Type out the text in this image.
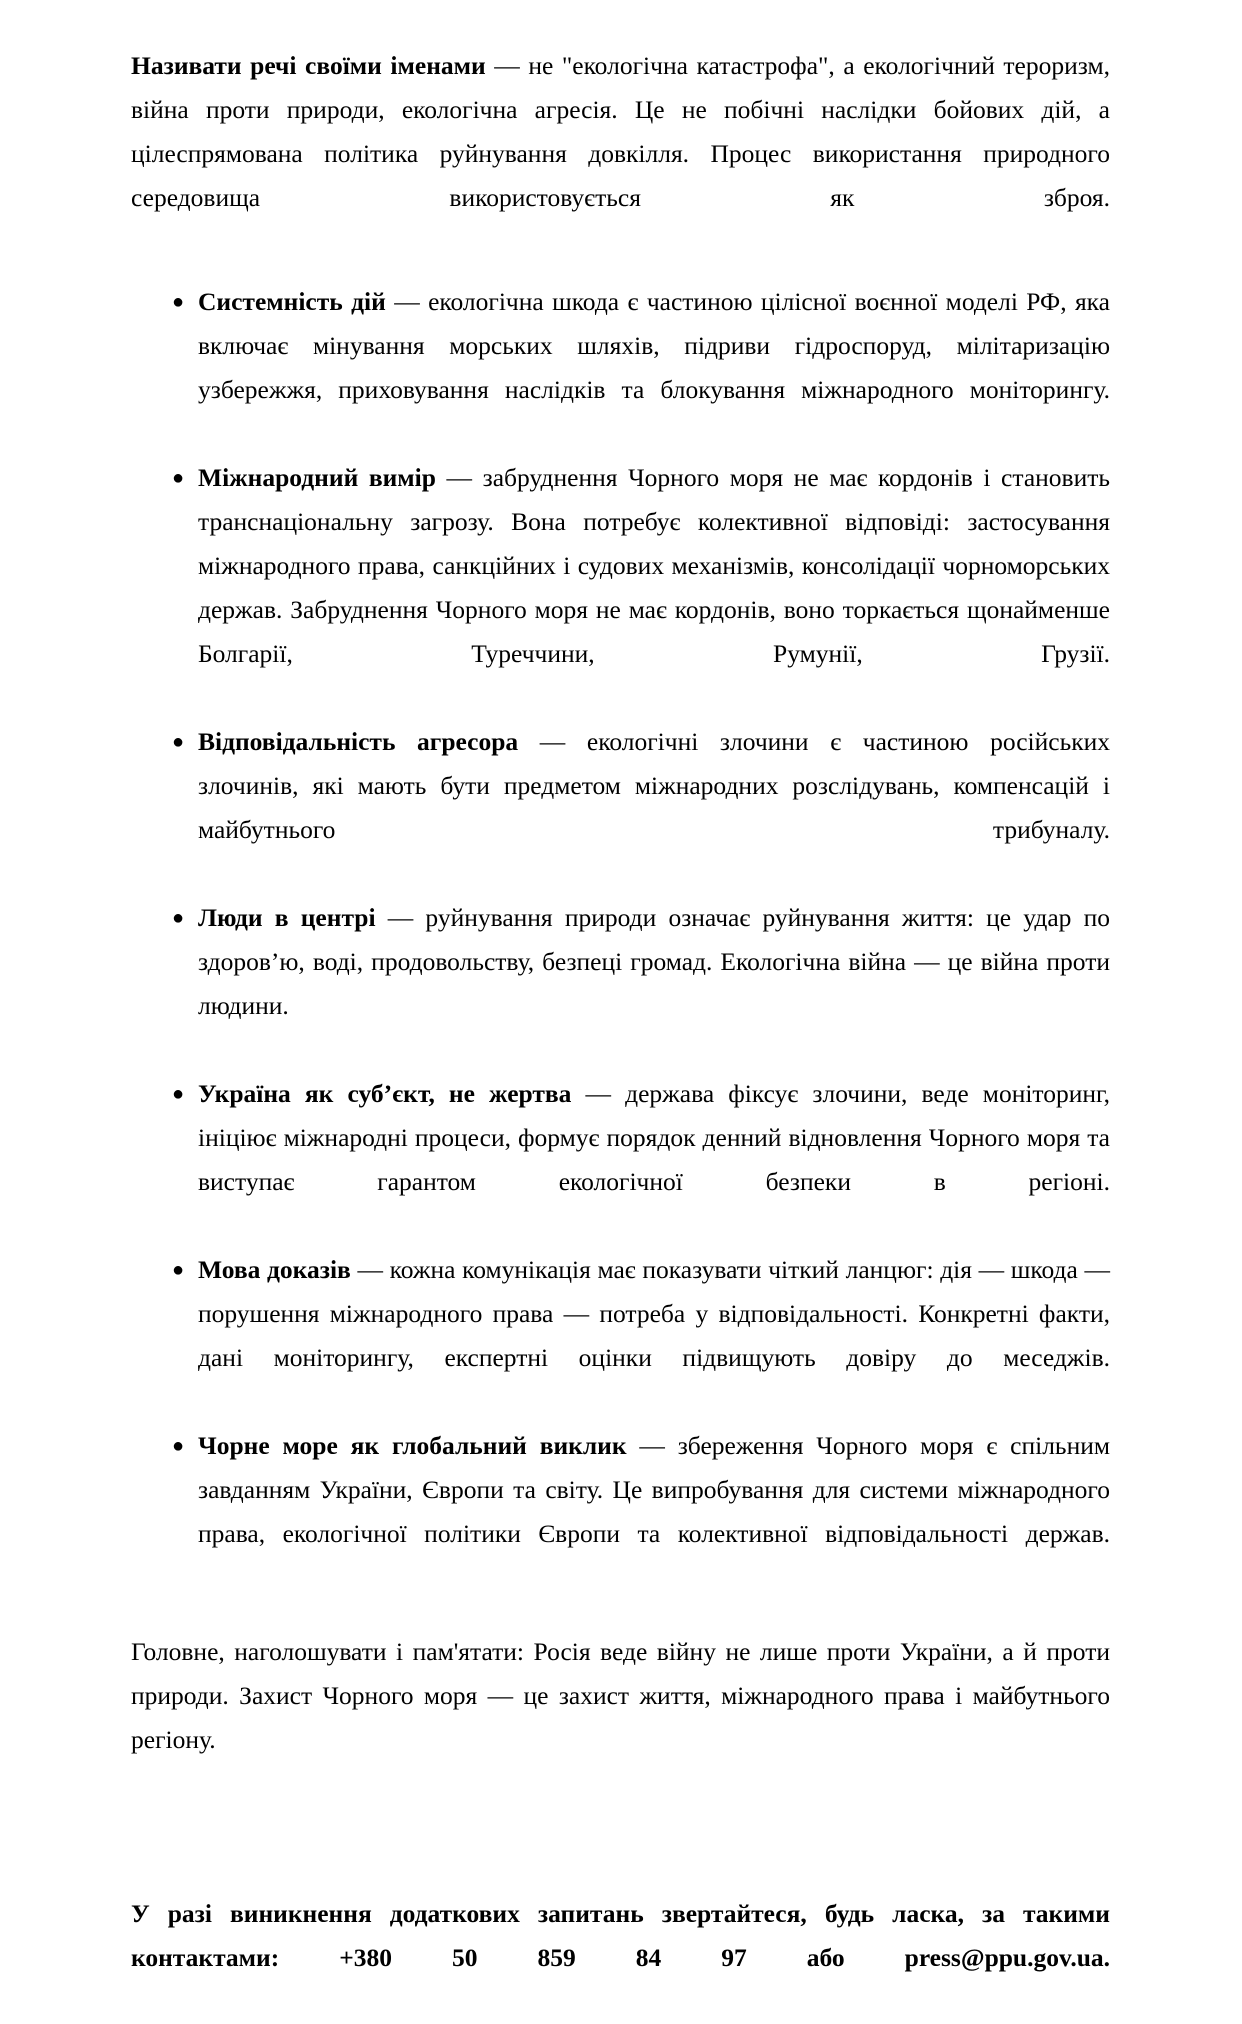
Називати речі своїми іменами — не "екологічна катастрофа", а екологічний тероризм, війна проти природи, екологічна агресія. Це не побічні наслідки бойових дій, а цілеспрямована політика руйнування довкілля. Процес використання природного середовища використовується як зброя.

● Системність дій — екологічна шкода є частиною цілісної воєнної моделі РФ, яка включає мінування морських шляхів, підриви гідроспоруд, мілітаризацію узбережжя, приховування наслідків та блокування міжнародного моніторингу.
● Міжнародний вимір — забруднення Чорного моря не має кордонів і становить транснаціональну загрозу. Вона потребує колективної відповіді: застосування міжнародного права, санкційних і судових механізмів, консолідації чорноморських держав. Забруднення Чорного моря не має кордонів, воно торкається щонайменше Болгарії, Туреччини, Румунії, Грузії.
● Відповідальність агресора — екологічні злочини є частиною російських злочинів, які мають бути предметом міжнародних розслідувань, компенсацій і майбутнього трибуналу.
● Люди в центрі — руйнування природи означає руйнування життя: це удар по здоров’ю, воді, продовольству, безпеці громад. Екологічна війна — це війна проти людини.
● Україна як суб’єкт, не жертва — держава фіксує злочини, веде моніторинг, ініціює міжнародні процеси, формує порядок денний відновлення Чорного моря та виступає гарантом екологічної безпеки в регіоні.
● Мова доказів — кожна комунікація має показувати чіткий ланцюг: дія — шкода — порушення міжнародного права — потреба у відповідальності. Конкретні факти, дані моніторингу, експертні оцінки підвищують довіру до меседжів.
● Чорне море як глобальний виклик — збереження Чорного моря є спільним завданням України, Європи та світу. Це випробування для системи міжнародного права, екологічної політики Європи та колективної відповідальності держав.

Головне, наголошувати і пам'ятати: Росія веде війну не лише проти України, а й проти природи. Захист Чорного моря — це захист життя, міжнародного права і майбутнього регіону.

У разі виникнення додаткових запитань звертайтеся, будь ласка, за такими контактами: +380 50 859 84 97 або press@ppu.gov.ua.
